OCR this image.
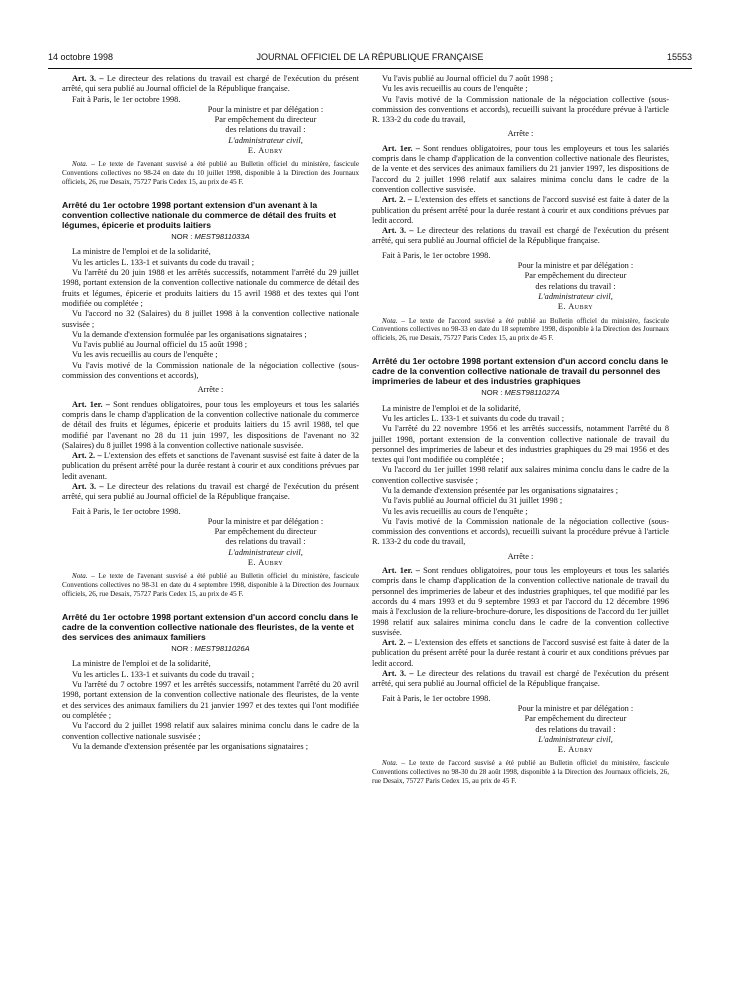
14 octobre 1998	JOURNAL OFFICIEL DE LA RÉPUBLIQUE FRANÇAISE	15553

Art. 3. – Le directeur des relations du travail est chargé de l'exécution du présent arrêté, qui sera publié au Journal officiel de la République française.

Fait à Paris, le 1er octobre 1998.

Pour la ministre et par délégation :
Par empêchement du directeur
des relations du travail :
L'administrateur civil,
E. Aubry

Nota. – Le texte de l'avenant susvisé a été publié au Bulletin officiel du ministère, fascicule Conventions collectives no 98-24 en date du 10 juillet 1998, disponible à la Direction des Journaux officiels, 26, rue Desaix, 75727 Paris Cedex 15, au prix de 45 F.

Arrêté du 1er octobre 1998 portant extension d'un avenant à la convention collective nationale du commerce de détail des fruits et légumes, épicerie et produits laitiers
NOR : MEST9811033A

La ministre de l'emploi et de la solidarité,

Vu les articles L. 133-1 et suivants du code du travail ;

Vu l'arrêté du 20 juin 1988 et les arrêtés successifs, notamment l'arrêté du 29 juillet 1998, portant extension de la convention collective nationale du commerce de détail des fruits et légumes, épicerie et produits laitiers du 15 avril 1988 et des textes qui l'ont modifiée ou complétée ;

Vu l'accord no 32 (Salaires) du 8 juillet 1998 à la convention collective nationale susvisée ;

Vu la demande d'extension formulée par les organisations signataires ;

Vu l'avis publié au Journal officiel du 15 août 1998 ;

Vu les avis recueillis au cours de l'enquête ;

Vu l'avis motivé de la Commission nationale de la négociation collective (sous-commission des conventions et accords),

Arrête :

Art. 1er. – Sont rendues obligatoires, pour tous les employeurs et tous les salariés compris dans le champ d'application de la convention collective nationale du commerce de détail des fruits et légumes, épicerie et produits laitiers du 15 avril 1988, tel que modifié par l'avenant no 28 du 11 juin 1997, les dispositions de l'avenant no 32 (Salaires) du 8 juillet 1998 à la convention collective nationale susvisée.

Art. 2. – L'extension des effets et sanctions de l'avenant susvisé est faite à dater de la publication du présent arrêté pour la durée restant à courir et aux conditions prévues par ledit avenant.

Art. 3. – Le directeur des relations du travail est chargé de l'exécution du présent arrêté, qui sera publié au Journal officiel de la République française.

Fait à Paris, le 1er octobre 1998.

Pour la ministre et par délégation :
Par empêchement du directeur
des relations du travail :
L'administrateur civil,
E. Aubry

Nota. – Le texte de l'avenant susvisé a été publié au Bulletin officiel du ministère, fascicule Conventions collectives no 98-31 en date du 4 septembre 1998, disponible à la Direction des Journaux officiels, 26, rue Desaix, 75727 Paris Cedex 15, au prix de 45 F.

Arrêté du 1er octobre 1998 portant extension d'un accord conclu dans le cadre de la convention collective nationale des fleuristes, de la vente et des services des animaux familiers
NOR : MEST9811026A

La ministre de l'emploi et de la solidarité,

Vu les articles L. 133-1 et suivants du code du travail ;

Vu l'arrêté du 7 octobre 1997 et les arrêtés successifs, notamment l'arrêté du 20 avril 1998, portant extension de la convention collective nationale des fleuristes, de la vente et des services des animaux familiers du 21 janvier 1997 et des textes qui l'ont modifiée ou complétée ;

Vu l'accord du 2 juillet 1998 relatif aux salaires minima conclu dans le cadre de la convention collective nationale susvisée ;

Vu la demande d'extension présentée par les organisations signataires ;

Vu l'avis publié au Journal officiel du 7 août 1998 ;

Vu les avis recueillis au cours de l'enquête ;

Vu l'avis motivé de la Commission nationale de la négociation collective (sous-commission des conventions et accords), recueilli suivant la procédure prévue à l'article R. 133-2 du code du travail,

Arrête :

Art. 1er. – Sont rendues obligatoires, pour tous les employeurs et tous les salariés compris dans le champ d'application de la convention collective nationale des fleuristes, de la vente et des services des animaux familiers du 21 janvier 1997, les dispositions de l'accord du 2 juillet 1998 relatif aux salaires minima conclu dans le cadre de la convention collective susvisée.

Art. 2. – L'extension des effets et sanctions de l'accord susvisé est faite à dater de la publication du présent arrêté pour la durée restant à courir et aux conditions prévues par ledit accord.

Art. 3. – Le directeur des relations du travail est chargé de l'exécution du présent arrêté, qui sera publié au Journal officiel de la République française.

Fait à Paris, le 1er octobre 1998.

Pour la ministre et par délégation :
Par empêchement du directeur
des relations du travail :
L'administrateur civil,
E. Aubry

Nota. – Le texte de l'accord susvisé a été publié au Bulletin officiel du ministère, fascicule Conventions collectives no 98-33 en date du 18 septembre 1998, disponible à la Direction des Journaux officiels, 26, rue Desaix, 75727 Paris Cedex 15, au prix de 45 F.

Arrêté du 1er octobre 1998 portant extension d'un accord conclu dans le cadre de la convention collective nationale de travail du personnel des imprimeries de labeur et des industries graphiques
NOR : MEST9811027A

La ministre de l'emploi et de la solidarité,

Vu les articles L. 133-1 et suivants du code du travail ;

Vu l'arrêté du 22 novembre 1956 et les arrêtés successifs, notamment l'arrêté du 8 juillet 1998, portant extension de la convention collective nationale de travail du personnel des imprimeries de labeur et des industries graphiques du 29 mai 1956 et des textes qui l'ont modifiée ou complétée ;

Vu l'accord du 1er juillet 1998 relatif aux salaires minima conclu dans le cadre de la convention collective susvisée ;

Vu la demande d'extension présentée par les organisations signataires ;

Vu l'avis publié au Journal officiel du 31 juillet 1998 ;

Vu les avis recueillis au cours de l'enquête ;

Vu l'avis motivé de la Commission nationale de la négociation collective (sous-commission des conventions et accords), recueilli suivant la procédure prévue à l'article R. 133-2 du code du travail,

Arrête :

Art. 1er. – Sont rendues obligatoires, pour tous les employeurs et tous les salariés compris dans le champ d'application de la convention collective nationale de travail du personnel des imprimeries de labeur et des industries graphiques, tel que modifié par les accords du 4 mars 1993 et du 9 septembre 1993 et par l'accord du 12 décembre 1996 mais à l'exclusion de la reliure-brochure-dorure, les dispositions de l'accord du 1er juillet 1998 relatif aux salaires minima conclu dans le cadre de la convention collective susvisée.

Art. 2. – L'extension des effets et sanctions de l'accord susvisé est faite à dater de la publication du présent arrêté pour la durée restant à courir et aux conditions prévues par ledit accord.

Art. 3. – Le directeur des relations du travail est chargé de l'exécution du présent arrêté, qui sera publié au Journal officiel de la République française.

Fait à Paris, le 1er octobre 1998.

Pour la ministre et par délégation :
Par empêchement du directeur
des relations du travail :
L'administrateur civil,
E. Aubry

Nota. – Le texte de l'accord susvisé a été publié au Bulletin officiel du ministère, fascicule Conventions collectives no 98-30 du 28 août 1998, disponible à la Direction des Journaux officiels, 26, rue Desaix, 75727 Paris Cedex 15, au prix de 45 F.
